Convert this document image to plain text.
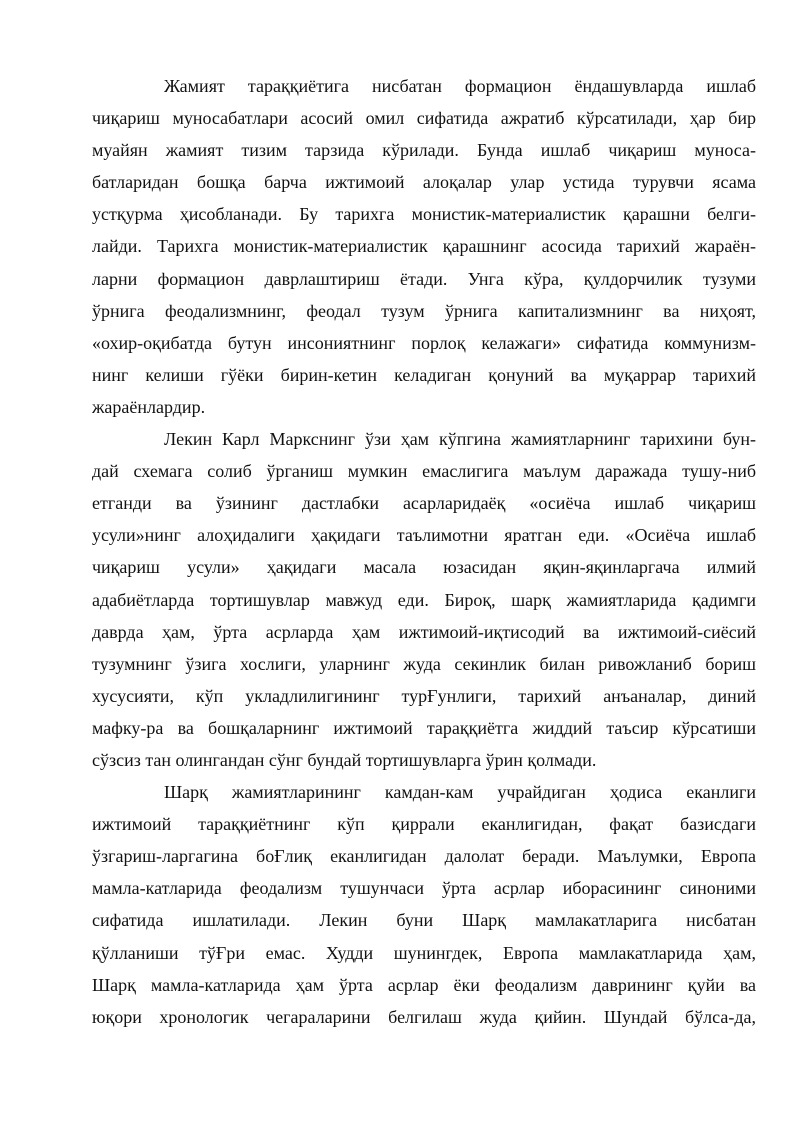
Жамият тараққиётига нисбатан формацион ёндашувларда ишлаб
чиқариш муносабатлари асосий омил сифатида ажратиб кўрсатилади, ҳар бир
муайян жамият тизим тарзида кўрилади. Бунда ишлаб чиқариш муноса-
батларидан бошқа барча ижтимоий алоқалар улар устида турувчи ясама
устқурма ҳисобланади. Бу тарихга монистик-материалистик қарашни белги-
лайди. Тарихга монистик-материалистик қарашнинг асосида тарихий жараён-
ларни формацион даврлаштириш ётади. Унга кўра, қулдорчилик тузуми
ўрнига феодализмнинг, феодал тузум ўрнига капитализмнинг ва ниҳоят,
«охир-оқибатда бутун инсониятнинг порлоқ келажаги» сифатида коммунизм-
нинг келиши гўёки бирин-кетин келадиган қонуний ва муқаррар тарихий
жараёнлардир.
Лекин Карл Маркснинг ўзи ҳам кўпгина жамиятларнинг тарихини бун-
дай схемага солиб ўрганиш мумкин емаслигига маълум даражада тушу-ниб
етганди ва ўзининг дастлабки асарларидаёқ «осиёча ишлаб чиқариш
усули»нинг алоҳидалиги ҳақидаги таълимотни яратган еди. «Осиёча ишлаб
чиқариш усули» ҳақидаги масала юзасидан яқин-яқинларгача илмий
адабиётларда тортишувлар мавжуд еди. Бироқ, шарқ жамиятларида қадимги
даврда ҳам, ўрта асрларда ҳам ижтимоий-иқтисодий ва ижтимоий-сиёсий
тузумнинг ўзига хослиги, уларнинг жуда секинлик билан ривожланиб бориш
хусусияти, кўп укладлилигининг турҒунлиги, тарихий анъаналар, диний
мафку-ра ва бошқаларнинг ижтимоий тараққиётга жиддий таъсир кўрсатиши
сўзсиз тан олингандан сўнг бундай тортишувларга ўрин қолмади.
Шарқ жамиятларининг камдан-кам учрайдиган ҳодиса еканлиги
ижтимоий тараққиётнинг кўп қиррали еканлигидан, фақат базисдаги
ўзгариш-ларгагина боҒлиқ еканлигидан далолат беради. Маълумки, Европа
мамла-катларида феодализм тушунчаси ўрта асрлар иборасининг синоними
сифатида ишлатилади. Лекин буни Шарқ мамлакатларига нисбатан
қўлланиши тўҒри емас. Худди шунингдек, Европа мамлакатларида ҳам,
Шарқ мамла-катларида ҳам ўрта асрлар ёки феодализм даврининг қуйи ва
юқори хронологик чегараларини белгилаш жуда қийин. Шундай бўлса-да,
